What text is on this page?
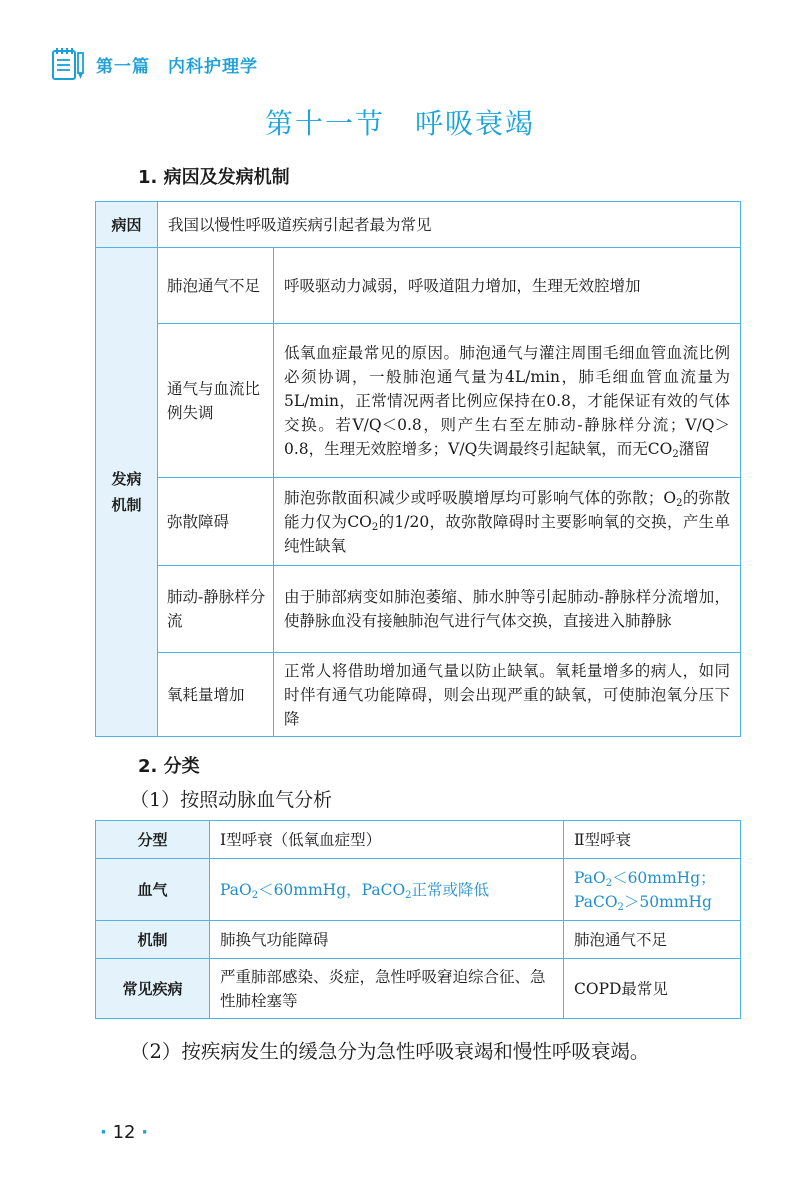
第一篇　内科护理学
第十一节　呼吸衰竭
1. 病因及发病机制
病因	我国以慢性呼吸道疾病引起者最为常见	
发病机制	肺泡通气不足	呼吸驱动力减弱，呼吸道阻力增加，生理无效腔增加
	通气与血流比例失调	低氧血症最常见的原因。肺泡通气与灌注周围毛细血管血流比例必须协调，一般肺泡通气量为4L/min，肺毛细血管血流量为5L/min，正常情况两者比例应保持在0.8，才能保证有效的气体交换。若V/Q＜0.8，则产生右至左肺动-静脉样分流；V/Q＞0.8，生理无效腔增多；V/Q失调最终引起缺氧，而无$CO_2$潴留
	弥散障碍	肺泡弥散面积减少或呼吸膜增厚均可影响气体的弥散；$O_2$的弥散能力仅为$CO_2$的1/20，故弥散障碍时主要影响氧的交换，产生单纯性缺氧
	肺动-静脉样分流	由于肺部病变如肺泡萎缩、肺水肿等引起肺动-静脉样分流增加，使静脉血没有接触肺泡气进行气体交换，直接进入肺静脉
	氧耗量增加	正常人将借助增加通气量以防止缺氧。氧耗量增多的病人，如同时伴有通气功能障碍，则会出现严重的缺氧，可使肺泡氧分压下降
2. 分类
（1）按照动脉血气分析
分型	Ⅰ型呼衰（低氧血症型）	Ⅱ型呼衰
血气	PaO$_2$＜60mmHg，PaCO$_2$正常或降低	PaO$_2$＜60mmHg；
PaCO$_2$＞50mmHg
机制	肺换气功能障碍	肺泡通气不足
常见疾病	严重肺部感染、炎症，急性呼吸窘迫综合征、急性肺栓塞等	COPD最常见
（2）按疾病发生的缓急分为急性呼吸衰竭和慢性呼吸衰竭。
· 12 ·
